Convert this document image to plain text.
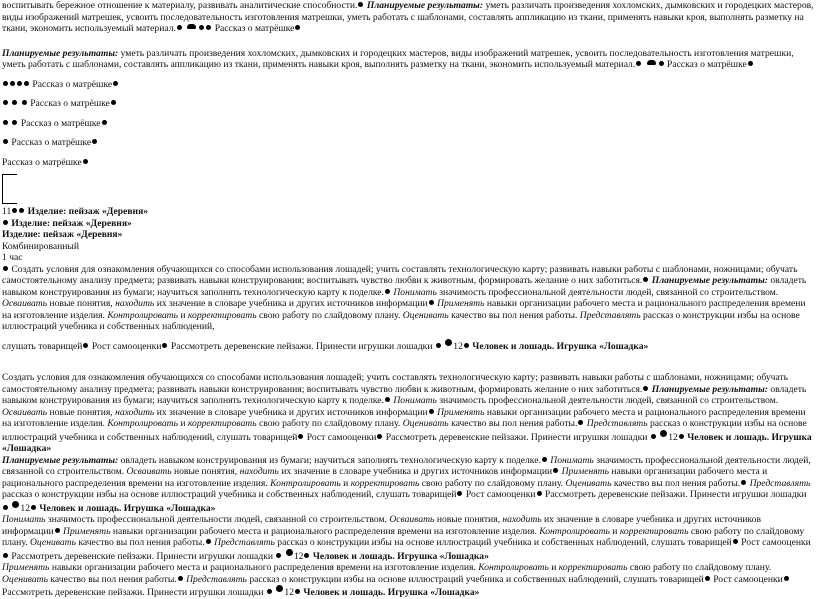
воспитывать бережное отношение к материалу, развивать аналитические способности. Планируемые результаты: уметь различать произведения хохломских, дымковских и городецких мастеров, виды изображений матрешек, усвоить последовательность изготовления матрешки, уметь работать с шаблонами, составлять аппликацию из ткани, применять навыки кроя, выполнять разметку на ткани, экономить используемый материал.	Рассказ о матрёшке

Планируемые результаты: уметь различать произведения хохломских, дымковских и городецких мастеров, виды изображений матрешек, усвоить последовательность изготовления матрешки, уметь работать с шаблонами, составлять аппликацию из ткани, применять навыки кроя, выполнять разметку на ткани, экономить используемый материал.	Рассказ о матрёшке

Рассказ о матрёшке

Рассказ о матрёшке

Рассказ о матрёшке

Рассказ о матрёшке

Рассказ о матрёшке

11 Изделие: пейзаж «Деревня»

Изделие: пейзаж «Деревня»

Изделие: пейзаж «Деревня»

Комбинированный

1 час

Создать условия для ознакомления обучающихся со способами использования лошадей; учить составлять технологическую карту; развивать навыки работы с шаблонами, ножницами; обучать самостоятельному анализу предмета; развивать навыки конструирования; воспитывать чувство любви к животным, формировать желание о них заботиться. Планируемые результаты: овладеть навыком конструирования из бумаги; научиться заполнять технологическую карту к поделке. Понимать значимость профессиональной деятельности людей, связанной со строительством. Осваивать новые понятия, находить их значение в словаре учебника и других источников информации Применять навыки организации рабочего места и рационального распределения времени на изготовление изделия. Контролировать и корректировать свою работу по слайдовому плану. Оценивать качество вы пол нения работы. Представлять рассказ о конструкции избы на основе иллюстраций учебника и собственных наблюдений,

слушать товарищей Рост самооценки Рассмотреть деревенские пейзажи. Принести игрушки лошадки 12 Человек и лошадь. Игрушка «Лошадка»

Создать условия для ознакомления обучающихся со способами использования лошадей; учить составлять технологическую карту; развивать навыки работы с шаблонами, ножницами; обучать самостоятельному анализу предмета; развивать навыки конструирования; воспитывать чувство любви к животным, формировать желание о них заботиться. Планируемые результаты: овладеть навыком конструирования из бумаги; научиться заполнять технологическую карту к поделке. Понимать значимость профессиональной деятельности людей, связанной со строительством. Осваивать новые понятия, находить их значение в словаре учебника и других источников информации Применять навыки организации рабочего места и рационального распределения времени на изготовление изделия. Контролировать и корректировать свою работу по слайдовому плану. Оценивать качество вы пол нения работы. Представлять рассказ о конструкции избы на основе иллюстраций учебника и собственных наблюдений, слушать товарищей Рост самооценки Рассмотреть деревенские пейзажи. Принести игрушки лошадки 12 Человек и лошадь. Игрушка «Лошадка»

Планируемые результаты: овладеть навыком конструирования из бумаги; научиться заполнять технологическую карту к поделке. Понимать значимость профессиональной деятельности людей, связанной со строительством. Осваивать новые понятия, находить их значение в словаре учебника и других источников информации Применять навыки организации рабочего места и рационального распределения времени на изготовление изделия. Контролировать и корректировать свою работу по слайдовому плану. Оценивать качество вы пол нения работы. Представлять рассказ о конструкции избы на основе иллюстраций учебника и собственных наблюдений, слушать товарищей Рост самооценки Рассмотреть деревенские пейзажи. Принести игрушки лошадки  12 Человек и лошадь. Игрушка «Лошадка»

Понимать значимость профессиональной деятельности людей, связанной со строительством. Осваивать новые понятия, находить их значение в словаре учебника и других источников информации Применять навыки организации рабочего места и рационального распределения времени на изготовление изделия. Контролировать и корректировать свою работу по слайдовому плану. Оценивать качество вы пол нения работы. Представлять рассказ о конструкции избы на основе иллюстраций учебника и собственных наблюдений, слушать товарищей Рост самооценки Рассмотреть деревенские пейзажи. Принести игрушки лошадки 12 Человек и лошадь. Игрушка «Лошадка»

Применять навыки организации рабочего места и рационального распределения времени на изготовление изделия. Контролировать и корректировать свою работу по слайдовому плану. Оценивать качество вы пол нения работы. Представлять рассказ о конструкции избы на основе иллюстраций учебника и собственных наблюдений, слушать товарищей Рост самооценки Рассмотреть деревенские пейзажи. Принести игрушки лошадки 12 Человек и лошадь. Игрушка «Лошадка»
